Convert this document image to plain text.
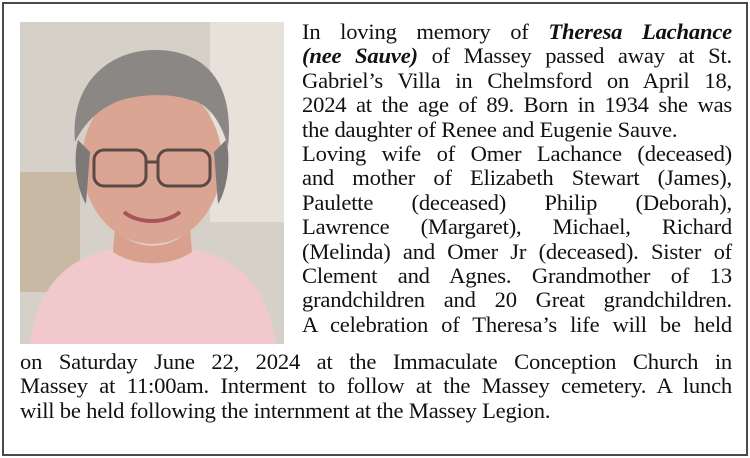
In loving memory of Theresa Lachance
(nee Sauve) of Massey passed away at St.
Gabriel’s Villa in Chelmsford on April 18,
2024 at the age of 89. Born in 1934 she was
the daughter of Renee and Eugenie Sauve.
Loving wife of Omer Lachance (deceased)
and mother of Elizabeth Stewart (James),
Paulette (deceased) Philip (Deborah),
Lawrence (Margaret), Michael, Richard
(Melinda) and Omer Jr (deceased). Sister of
Clement and Agnes. Grandmother of 13
grandchildren and 20 Great grandchildren.
A celebration of Theresa’s life will be held
on Saturday June 22, 2024 at the Immaculate Conception Church in
Massey at 11:00am. Interment to follow at the Massey cemetery. A lunch
will be held following the internment at the Massey Legion.
